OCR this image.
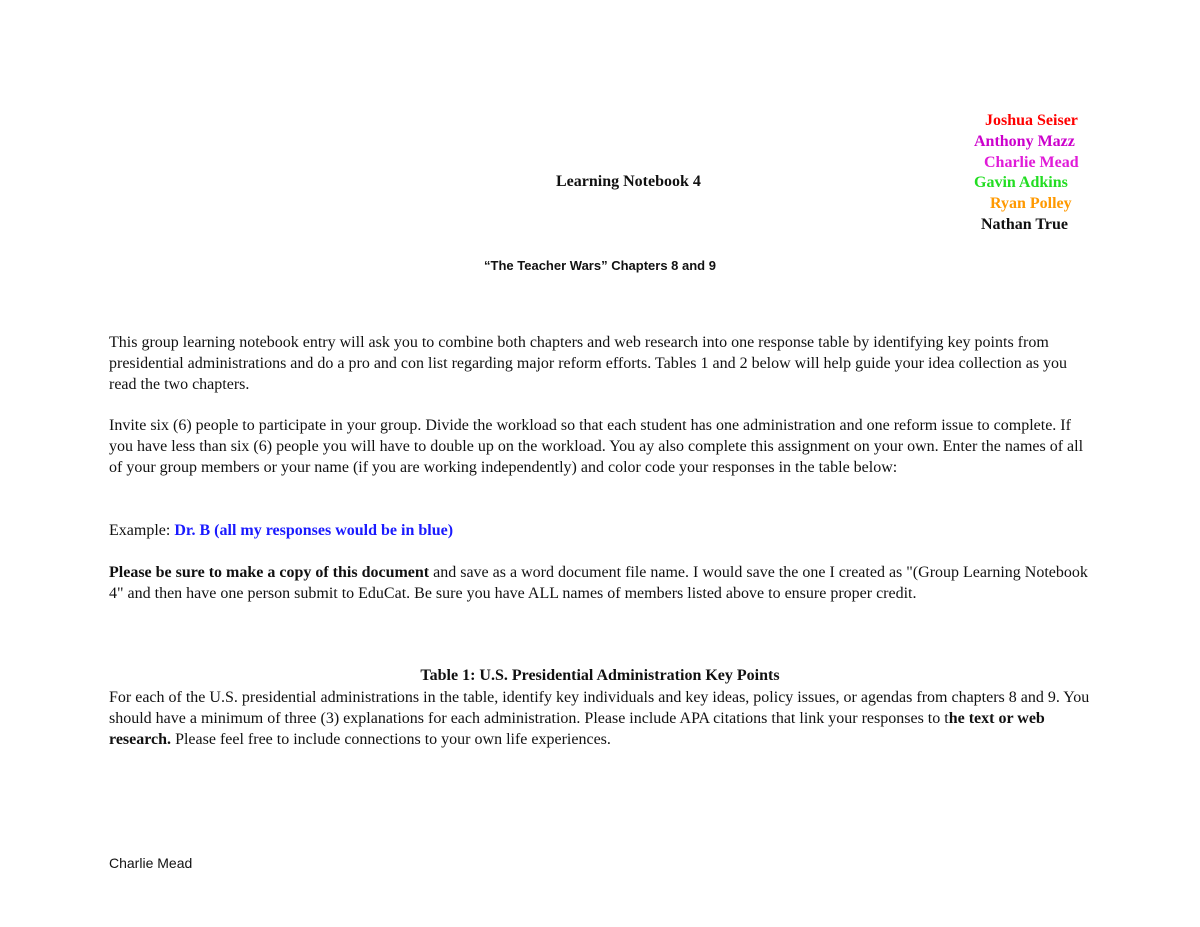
Joshua Seiser
Anthony Mazz
Charlie Mead
Gavin Adkins
Ryan Polley
Nathan True
Learning Notebook 4
“The Teacher Wars” Chapters 8 and 9

This group learning notebook entry will ask you to combine both chapters and web research into one response table by identifying key points from presidential administrations and do a pro and con list regarding major reform efforts. Tables 1 and 2 below will help guide your idea collection as you read the two chapters.

Invite six (6) people to participate in your group. Divide the workload so that each student has one administration and one reform issue to complete. If you have less than six (6) people you will have to double up on the workload. You ay also complete this assignment on your own. Enter the names of all of your group members or your name (if you are working independently) and color code your responses in the table below:

Example: Dr. B (all my responses would be in blue)

Please be sure to make a copy of this document and save as a word document file name. I would save the one I created as "(Group Learning Notebook 4" and then have one person submit to EduCat. Be sure you have ALL names of members listed above to ensure proper credit.

Table 1: U.S. Presidential Administration Key Points

For each of the U.S. presidential administrations in the table, identify key individuals and key ideas, policy issues, or agendas from chapters 8 and 9. You should have a minimum of three (3) explanations for each administration. Please include APA citations that link your responses to the text or web research. Please feel free to include connections to your own life experiences.

Charlie Mead
